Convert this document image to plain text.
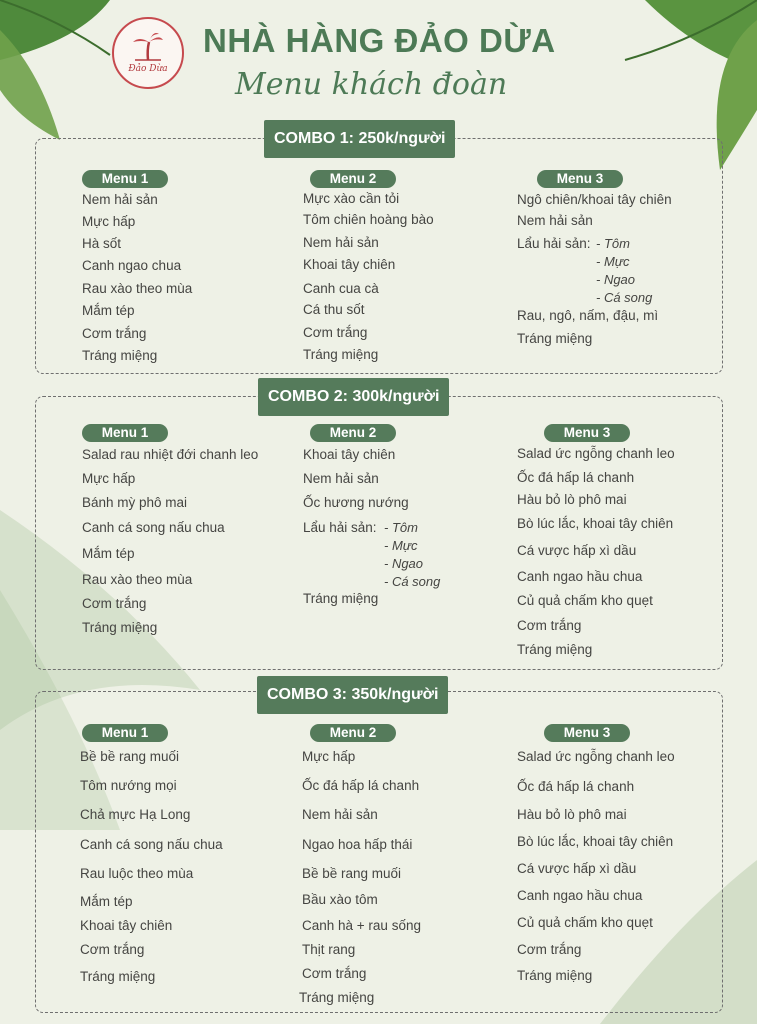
Đảo Dừa
NHÀ HÀNG ĐẢO DỪA
Menu khách đoàn
COMBO 1: 250k/người
Menu 1
Nem hải sản
Mực hấp
Hà sốt
Canh ngao chua
Rau xào theo mùa
Mắm tép
Cơm trắng
Tráng miệng
Menu 2
Mực xào cần tỏi
Tôm chiên hoàng bào
Nem hải sản
Khoai tây chiên
Canh cua cà
Cá thu sốt
Cơm trắng
Tráng miệng
Menu 3
Ngô chiên/khoai tây chiên
Nem hải sản
Lẩu hải sản: - Tôm
- Mực
- Ngao
- Cá song
Rau, ngô, nấm, đậu, mì
Tráng miệng
COMBO 2: 300k/người
Menu 1
Salad rau nhiệt đới chanh leo
Mực hấp
Bánh mỳ phô mai
Canh cá song nấu chua
Mắm tép
Rau xào theo mùa
Cơm trắng
Tráng miệng
Menu 2
Khoai tây chiên
Nem hải sản
Ốc hương nướng
Lẩu hải sản: - Tôm
- Mực
- Ngao
- Cá song
Tráng miệng
Menu 3
Salad ức ngỗng chanh leo
Ốc đá hấp lá chanh
Hàu bỏ lò phô mai
Bò lúc lắc, khoai tây chiên
Cá vược hấp xì dầu
Canh ngao hầu chua
Củ quả chấm kho quẹt
Cơm trắng
Tráng miệng
COMBO 3: 350k/người
Menu 1
Bề bề rang muối
Tôm nướng mọi
Chả mực Hạ Long
Canh cá song nấu chua
Rau luộc theo mùa
Mắm tép
Khoai tây chiên
Cơm trắng
Tráng miệng
Menu 2
Mực hấp
Ốc đá hấp lá chanh
Nem hải sản
Ngao hoa hấp thái
Bề bề rang muối
Bầu xào tôm
Canh hà + rau sống
Thịt rang
Cơm trắng
Tráng miệng
Menu 3
Salad ức ngỗng chanh leo
Ốc đá hấp lá chanh
Hàu bỏ lò phô mai
Bò lúc lắc, khoai tây chiên
Cá vược hấp xì dầu
Canh ngao hầu chua
Củ quả chấm kho quẹt
Cơm trắng
Tráng miệng
